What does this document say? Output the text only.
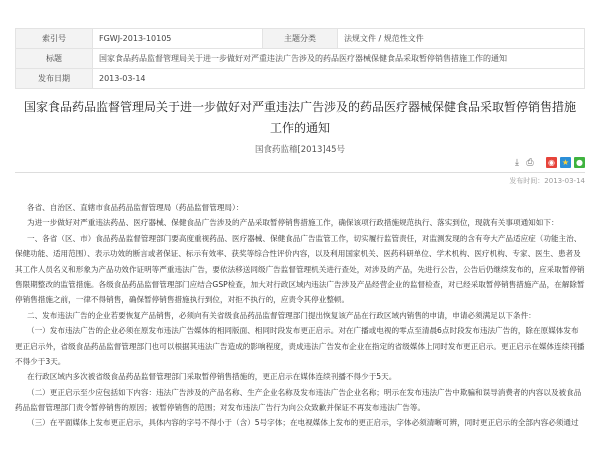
索引号	FGWJ-2013-10105	主题分类	法规文件 / 规范性文件
标题	国家食品药品监督管理局关于进一步做好对严重违法广告涉及的药品医疗器械保健食品采取暂停销售措施工作的通知		
发布日期	2013-03-14		
国家食品药品监督管理局关于进一步做好对严重违法广告涉及的药品医疗器械保健食品采取暂停销售措施
工作的通知
国食药监稽[2013]45号
⤓ ⎙ ◉ ★ ●
发布时间：2013-03-14
各省、自治区、直辖市食品药品监督管理局（药品监督管理局）：
为进一步做好对严重违法药品、医疗器械、保健食品广告涉及的产品采取暂停销售措施工作，确保该项行政措施规范执行、落实到位，现就有关事项通知如下：
一、各省（区、市）食品药品监督管理部门要高度重视药品、医疗器械、保健食品广告监管工作，切实履行监管责任，对监测发现的含有夸大产品适应症（功能主治、
保健功能、适用范围）、表示功效的断言或者保证、标示有效率、获奖等综合性评价内容，以及利用国家机关、医药科研单位、学术机构、医疗机构、专家、医生、患者及
其工作人员名义和形象为产品功效作证明等严重违法广告，要依法移送同级广告监督管理机关进行查处，对涉及的产品，先进行公告，公告后仍继续发布的，应采取暂停销
售限期整改的监管措施。各级食品药品监督管理部门应结合GSP检查，加大对行政区域内违法广告涉及产品经营企业的监督检查，对已经采取暂停销售措施产品，在解除暂
停销售措施之前，一律不得销售，确保暂停销售措施执行到位，对拒不执行的，应责令其停业整顿。
二、发布违法广告的企业若要恢复产品销售，必须向有关省级食品药品监督管理部门提出恢复该产品在行政区域内销售的申请，申请必须满足以下条件：
（一）发布违法广告的企业必须在原发布违法广告媒体的相同版面、相同时段发布更正启示。对在广播或电视的零点至清晨6点时段发布违法广告的，除在原媒体发布
更正启示外，省级食品药品监督管理部门也可以根据其违法广告造成的影响程度，责成违法广告发布企业在指定的省级媒体上同时发布更正启示。更正启示在媒体连续刊播
不得少于3天。
在行政区域内多次被省级食品药品监督管理部门采取暂停销售措施的，更正启示在媒体连续刊播不得少于5天。
（二）更正启示至少应包括如下内容：违法广告涉及的产品名称、生产企业名称及发布违法广告企业名称；明示在发布违法广告中欺骗和误导消费者的内容以及被食品
药品监督管理部门责令暂停销售的原因；被暂停销售的范围；对发布违法广告行为向公众致歉并保证不再发布违法广告等。
（三）在平面媒体上发布更正启示，具体内容的字号不得小于（含）5号字体；在电视媒体上发布的更正启示，字体必须清晰可辨，同时更正启示的全部内容必须通过
